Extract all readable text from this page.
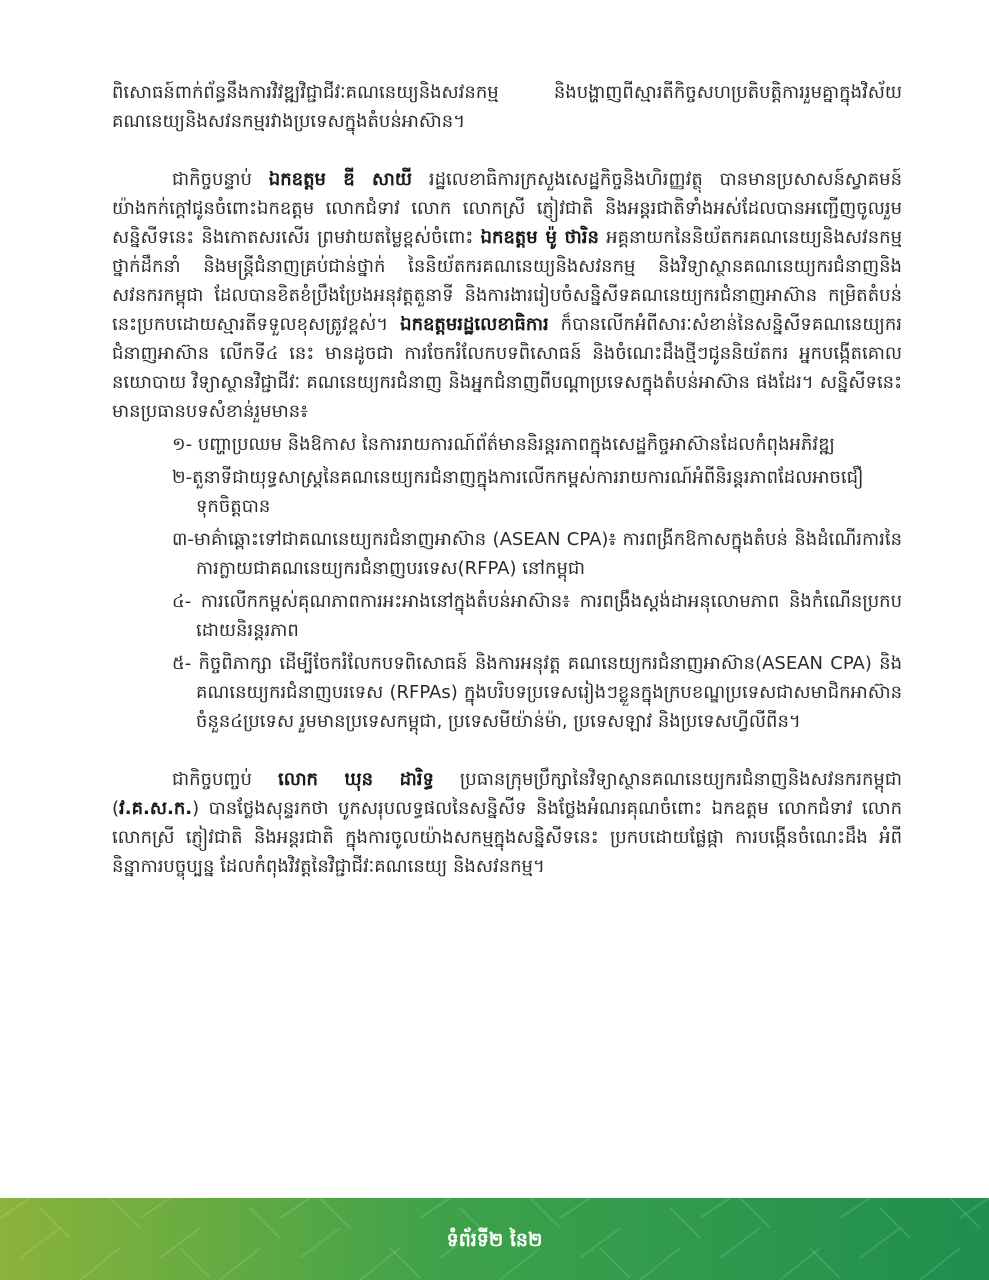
ពិសោធន៍ពាក់ព័ន្ធនឹងការវិវឌ្ឍវិជ្ជាជីវៈគណនេយ្យនិងសវនកម្ម និងបង្ហាញពីស្មារតីកិច្ចសហប្រតិបត្តិការរួមគ្នាក្នុងវិស័យគណនេយ្យនិងសវនកម្មរវាងប្រទេសក្នុងតំបន់អាស៊ាន។

ជាកិច្ចបន្ទាប់ ឯកឧត្តម ឌី សាយី រដ្ឋលេខាធិការក្រសួងសេដ្ឋកិច្ចនិងហិរញ្ញវត្ថុ បានមានប្រសាសន៍ស្វាគមន៍យ៉ាងកក់ក្ដៅជូនចំពោះឯកឧត្ដម លោកជំទាវ លោក លោកស្រី ភ្ញៀវជាតិ និងអន្តរជាតិទាំងអស់ដែលបានអញ្ជើញចូលរួមសន្និសីទនេះ និងកោតសរសើរ ព្រមវាយតម្លៃខ្ពស់ចំពោះ ឯកឧត្តម ម៉ូ ថារិន អគ្គនាយកនៃនិយ័តករគណនេយ្យនិងសវនកម្ម ថ្នាក់ដឹកនាំ និងមន្ត្រីជំនាញគ្រប់ជាន់ថ្នាក់ នៃនិយ័តករគណនេយ្យនិងសវនកម្ម និងវិទ្យាស្ថានគណនេយ្យករជំនាញនិងសវនករកម្ពុជា ដែលបានខិតខំប្រឹងប្រែងអនុវត្តតួនាទី និងការងាររៀបចំសន្និសីទគណនេយ្យករជំនាញអាស៊ាន កម្រិតតំបន់ នេះប្រកបដោយស្មារតីទទួលខុសត្រូវខ្ពស់។ ឯកឧត្តមរដ្ឋលេខាធិការ ក៏បានលើកអំពីសារៈសំខាន់នៃសន្និសីទគណនេយ្យករជំនាញអាស៊ាន លើកទី៤ នេះ មានដូចជា ការចែករំលែកបទពិសោធន៍ និងចំណេះដឹងថ្មីៗជូននិយ័តករ អ្នកបង្កើតគោលនយោបាយ វិទ្យាស្ថានវិជ្ជាជីវៈ គណនេយ្យករជំនាញ និងអ្នកជំនាញពីបណ្ដាប្រទេសក្នុងតំបន់អាស៊ាន ផងដែរ។ សន្និសីទនេះ មានប្រធានបទសំខាន់រួមមាន៖

១- បញ្ហាប្រឈម និងឱកាស នៃការរាយការណ៍ព័ត៌មាននិរន្តរភាពក្នុងសេដ្ឋកិច្ចអាស៊ានដែលកំពុងអភិវឌ្ឍ

២-តួនាទីជាយុទ្ធសាស្ត្រនៃគណនេយ្យករជំនាញក្នុងការលើកកម្ពស់ការរាយការណ៍អំពីនិរន្តរភាពដែលអាចជឿទុកចិត្តបាន

៣-មាគ៌ាឆ្ពោះទៅជាគណនេយ្យករជំនាញអាស៊ាន (ASEAN CPA)៖ ការពង្រីកឱកាសក្នុងតំបន់ និងដំណើរការនៃការក្លាយជាគណនេយ្យករជំនាញបរទេស(RFPA) នៅកម្ពុជា

៤- ការលើកកម្ពស់គុណភាពការអះអាងនៅក្នុងតំបន់អាស៊ាន៖ ការពង្រឹងស្តង់ដាអនុលោមភាព និងកំណើនប្រកបដោយនិរន្តរភាព

៥- កិច្ចពិភាក្សា ដើម្បីចែករំលែកបទពិសោធន៍ និងការអនុវត្ត គណនេយ្យករជំនាញអាស៊ាន(ASEAN CPA) និង គណនេយ្យករជំនាញបរទេស (RFPAs) ក្នុងបរិបទប្រទេសរៀងៗខ្លួនក្នុងក្របខណ្ឌប្រទេសជាសមាជិកអាស៊ានចំនួន៤ប្រទេស រួមមានប្រទេសកម្ពុជា, ប្រទេសមីយ៉ាន់ម៉ា, ប្រទេសឡាវ និងប្រទេសហ្វីលីពីន។

ជាកិច្ចបញ្ចប់ លោក ឃុន ដារិទ្ធ ប្រធានក្រុមប្រឹក្សានៃវិទ្យាស្ថានគណនេយ្យករជំនាញនិងសវនករកម្ពុជា (វ.គ.ស.ក.) បានថ្លែងសុន្ទរកថា បូកសរុបលទ្ធផលនៃសន្និសីទ និងថ្លែងអំណរគុណចំពោះ ឯកឧត្តម លោកជំទាវ លោក លោកស្រី ភ្ញៀវជាតិ និងអន្តរជាតិ ក្នុងការចូលយ៉ាងសកម្មក្នុងសន្និសីទនេះ ប្រកបដោយផ្លែផ្កា ការបង្កើនចំណេះដឹង អំពីនិន្នាការបច្ចុប្បន្ន ដែលកំពុងវិវត្តនៃវិជ្ជាជីវៈគណនេយ្យ និងសវនកម្ម។

ទំព័រទី២ នៃ២
